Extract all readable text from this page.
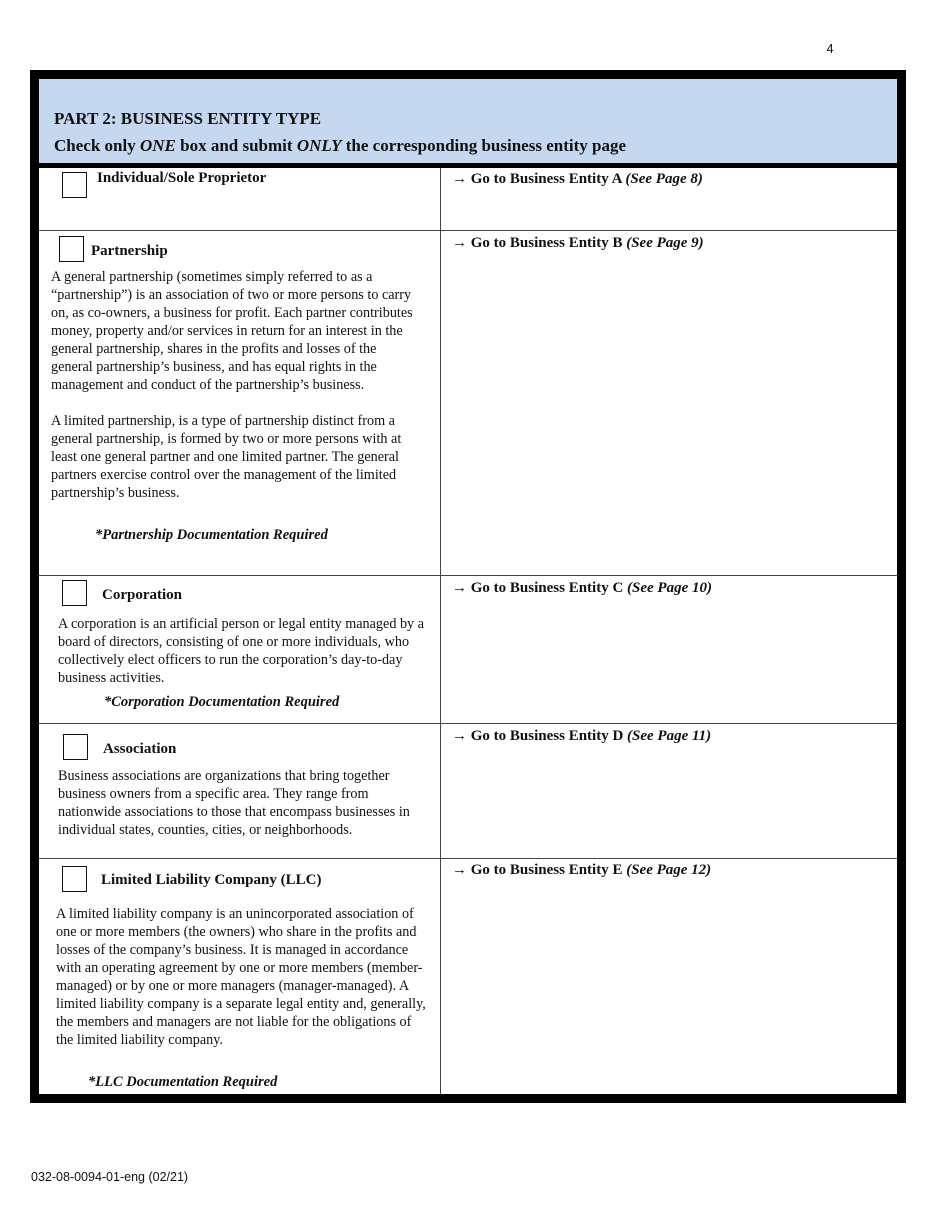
4
PART 2: BUSINESS ENTITY TYPE
Check only ONE box and submit ONLY the corresponding business entity page
Individual/Sole Proprietor	→ Go to Business Entity A (See Page 8)
Partnership

A general partnership (sometimes simply referred to as a “partnership”) is an association of two or more persons to carry on, as co-owners, a business for profit. Each partner contributes money, property and/or services in return for an interest in the general partnership, shares in the profits and losses of the general partnership’s business, and has equal rights in the management and conduct of the partnership’s business.

A limited partnership, is a type of partnership distinct from a general partnership, is formed by two or more persons with at least one general partner and one limited partner. The general partners exercise control over the management of the limited partnership’s business.

*Partnership Documentation Required
→ Go to Business Entity B (See Page 9)
Corporation

A corporation is an artificial person or legal entity managed by a board of directors, consisting of one or more individuals, who collectively elect officers to run the corporation’s day-to-day business activities.

*Corporation Documentation Required
→ Go to Business Entity C (See Page 10)
Association

Business associations are organizations that bring together business owners from a specific area. They range from nationwide associations to those that encompass businesses in individual states, counties, cities, or neighborhoods.

→ Go to Business Entity D (See Page 11)
Limited Liability Company (LLC)

A limited liability company is an unincorporated association of one or more members (the owners) who share in the profits and losses of the company’s business. It is managed in accordance with an operating agreement by one or more members (member-managed) or by one or more managers (manager-managed). A limited liability company is a separate legal entity and, generally, the members and managers are not liable for the obligations of the limited liability company.

*LLC Documentation Required
→ Go to Business Entity E (See Page 12)
032-08-0094-01-eng (02/21)
